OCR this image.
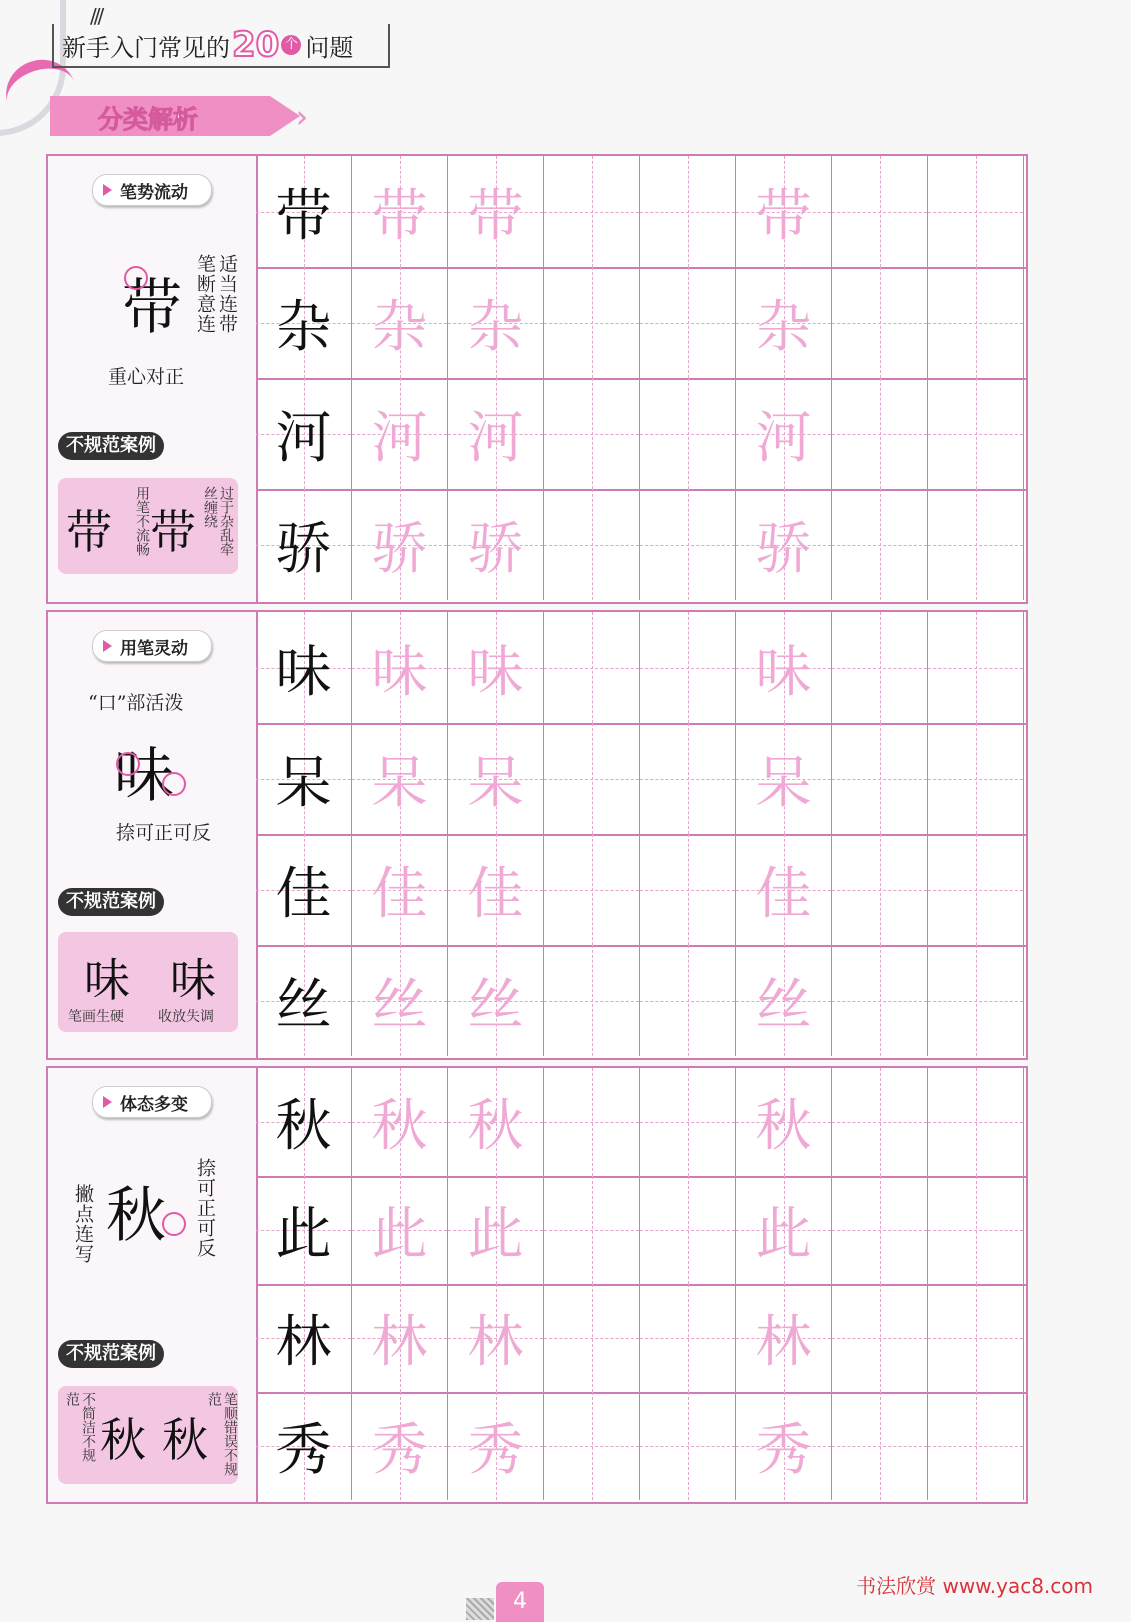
///
新手入门常见的 20 个 问题
分类解析
笔势流动
带 笔断意连 适当连带
重心对正
不规范案例
带	用笔不流畅 带	过于杂乱牵丝缠绕
带 带 带	带
杂 杂 杂	杂
河 河 河	河
骄 骄 骄	骄
用笔灵动
“口”部活泼
味
捺可正可反
不规范案例
味
笔画生硬
味
收放失调
味 味 味	味
呆 呆 呆	呆
佳 佳 佳	佳
丝 丝 丝	丝
体态多变
撇点连写 秋 捺可正可反
不规范案例
不简洁不规范
秋 秋	笔顺错误不规范
秋 秋 秋	秋
此 此 此	此
林 林 林	林
秀 秀 秀	秀
4
书法欣赏 www.yac8.com
